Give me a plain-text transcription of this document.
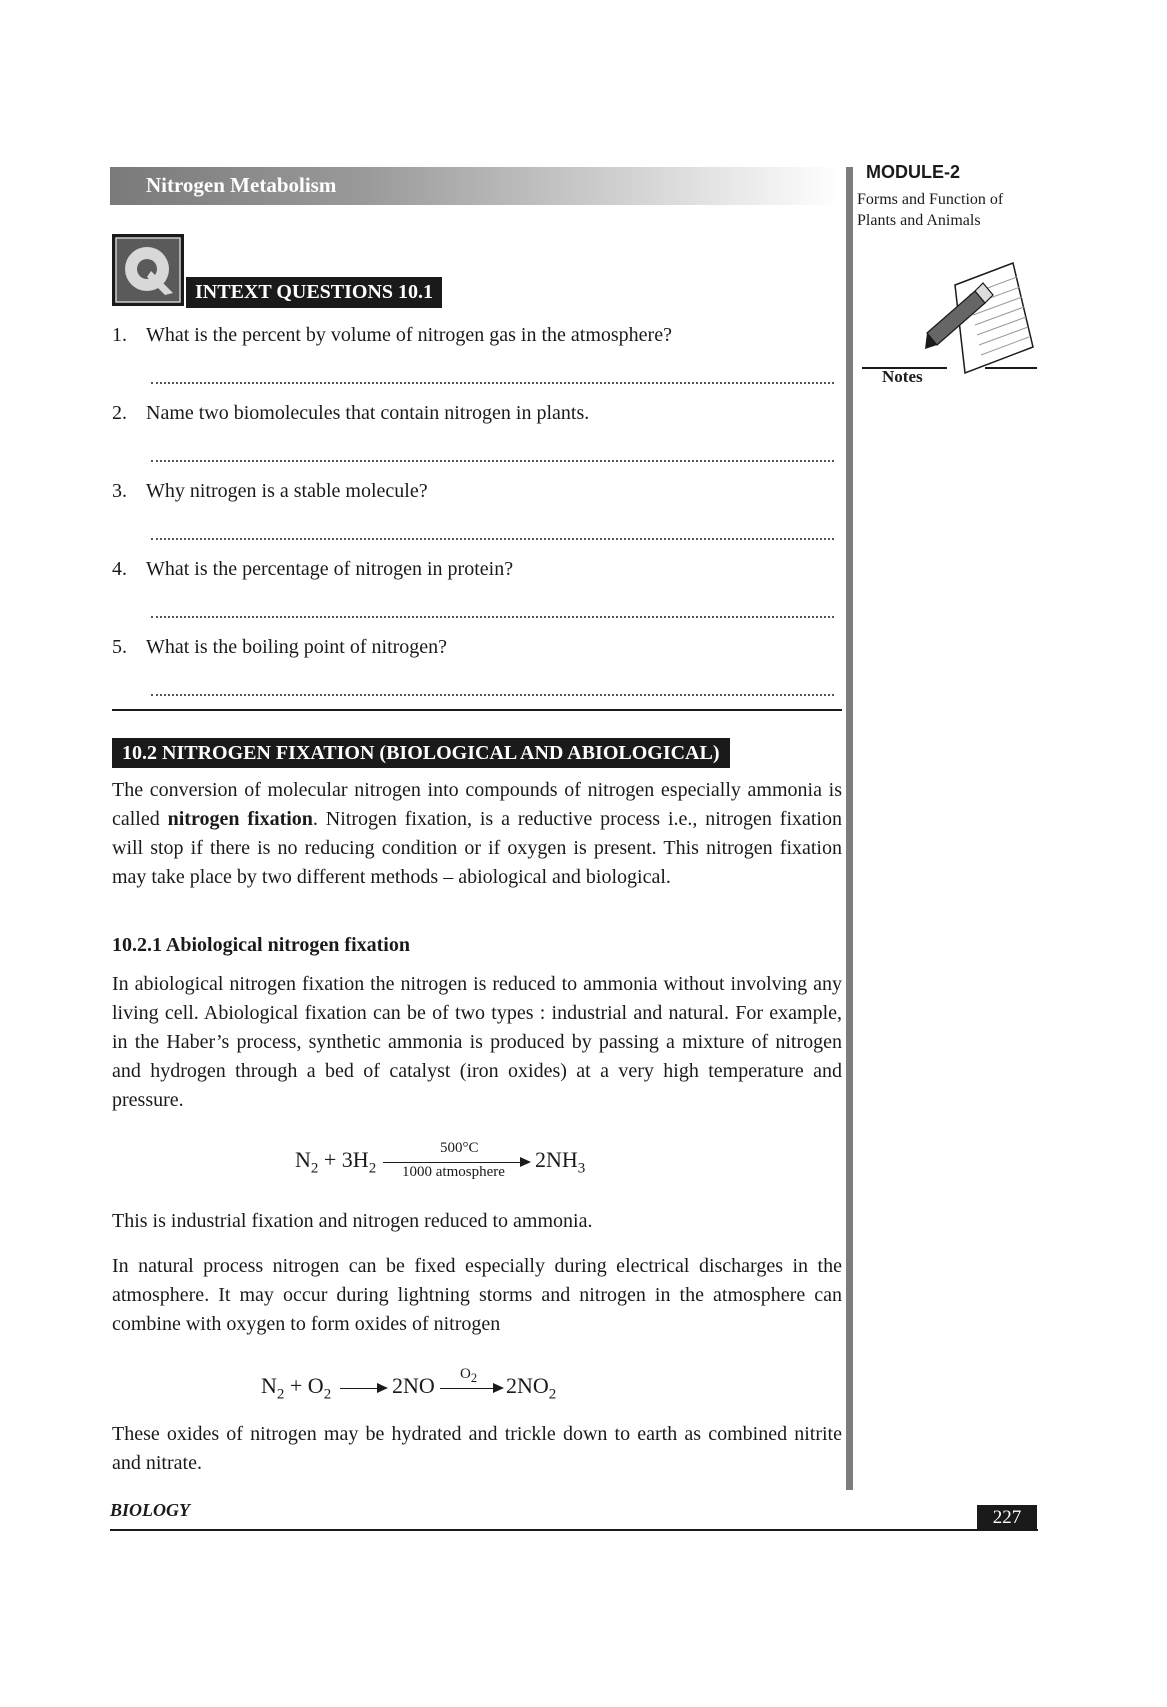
Nitrogen Metabolism
MODULE-2
Forms and Function of
Plants and Animals
Notes
INTEXT QUESTIONS 10.1
1. What is the percent by volume of nitrogen gas in the atmosphere?
2. Name two biomolecules that contain nitrogen in plants.
3. Why nitrogen is a stable molecule?
4. What is the percentage of nitrogen in protein?
5. What is the boiling point of nitrogen?
10.2 NITROGEN FIXATION (BIOLOGICAL AND ABIOLOGICAL)
The conversion of molecular nitrogen into compounds of nitrogen especially ammonia is called nitrogen fixation. Nitrogen fixation, is a reductive process i.e., nitrogen fixation will stop if there is no reducing condition or if oxygen is present. This nitrogen fixation may take place by two different methods – abiological and biological.
10.2.1 Abiological nitrogen fixation
In abiological nitrogen fixation the nitrogen is reduced to ammonia without involving any living cell. Abiological fixation can be of two types : industrial and natural. For example, in the Haber’s process, synthetic ammonia is produced by passing a mixture of nitrogen and hydrogen through a bed of catalyst (iron oxides) at a very high temperature and pressure.
$N_2 + 3H_2$
500°C
1000 atmosphere $2NH_3$
This is industrial fixation and nitrogen reduced to ammonia.
In natural process nitrogen can be fixed especially during electrical discharges in the atmosphere. It may occur during lightning storms and nitrogen in the atmosphere can combine with oxygen to form oxides of nitrogen
$N_2 + O_2$	2NO $O_2$ $2NO_2$
These oxides of nitrogen may be hydrated and trickle down to earth as combined nitrite and nitrate.
BIOLOGY	227
